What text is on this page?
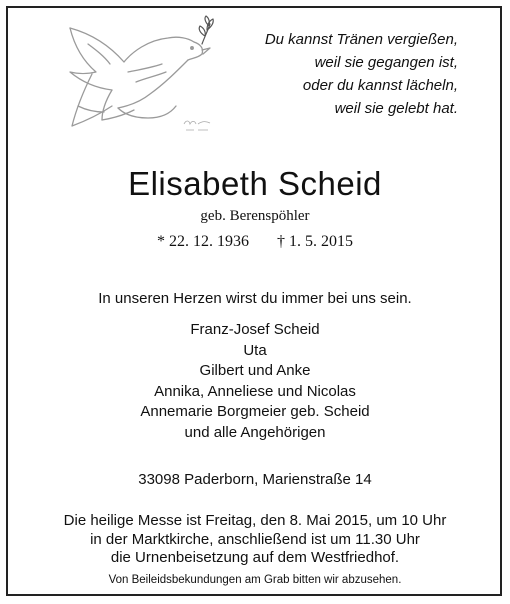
Du kannst Tränen vergießen,
weil sie gegangen ist,
oder du kannst lächeln,
weil sie gelebt hat.
Elisabeth Scheid
geb. Berenspöhler
* 22. 12. 1936 † 1. 5. 2015
In unseren Herzen wirst du immer bei uns sein.
Franz-Josef Scheid
Uta
Gilbert und Anke
Annika, Anneliese und Nicolas
Annemarie Borgmeier geb. Scheid
und alle Angehörigen
33098 Paderborn, Marienstraße 14
Die heilige Messe ist Freitag, den 8. Mai 2015, um 10 Uhr
in der Marktkirche, anschließend ist um 11.30 Uhr
die Urnenbeisetzung auf dem Westfriedhof.
Von Beileidsbekundungen am Grab bitten wir abzusehen.
